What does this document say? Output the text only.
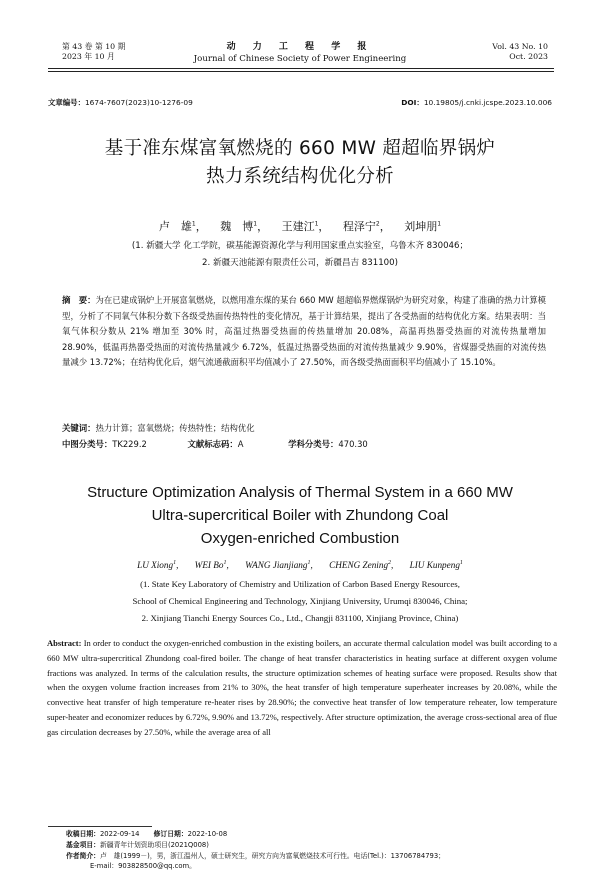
第 43 卷 第 10 期
2023 年 10 月
动 力 工 程 学 报
Journal of Chinese Society of Power Engineering
Vol. 43 No. 10
Oct. 2023
文章编号：1674-7607(2023)10-1276-09	DOI：10.19805/j.cnki.jcspe.2023.10.006
基于准东煤富氧燃烧的 660 MW 超超临界锅炉
热力系统结构优化分析
卢　雄$^1$， 魏　博$^1$， 王建江$^1$， 程泽宁$^2$， 刘坤朋$^1$
(1. 新疆大学 化工学院，碳基能源资源化学与利用国家重点实验室，乌鲁木齐 830046；
2. 新疆天池能源有限责任公司，新疆昌吉 831100)
摘　要：为在已建成锅炉上开展富氧燃烧，以燃用准东煤的某台 660 MW 超超临界燃煤锅炉为研究对象，构建了准确的热力计算模型，分析了不同氧气体积分数下各级受热面传热特性的变化情况，基于计算结果，提出了各受热面的结构优化方案。结果表明：当氧气体积分数从 21% 增加至 30% 时，高温过热器受热面的传热量增加 20.08%，高温再热器受热面的对流传热量增加 28.90%，低温再热器受热面的对流传热量减少 6.72%，低温过热器受热面的对流传热量减少 9.90%，省煤器受热面的对流传热量减少 13.72%；在结构优化后，烟气流通截面积平均值减小了 27.50%，而各级受热面面积平均值减小了 15.10%。
关键词：热力计算；富氧燃烧；传热特性；结构优化
中图分类号：TK229.2	文献标志码：A	学科分类号：470.30
Structure Optimization Analysis of Thermal System in a 660 MW
Ultra-supercritical Boiler with Zhundong Coal
Oxygen-enriched Combustion
LU Xiong$^1$, WEI Bo$^1$, WANG Jianjiang$^1$, CHENG Zening$^2$, LIU Kunpeng$^1$
(1. State Key Laboratory of Chemistry and Utilization of Carbon Based Energy Resources,
School of Chemical Engineering and Technology, Xinjiang University, Urumqi 830046, China;
2. Xinjiang Tianchi Energy Sources Co., Ltd., Changji 831100, Xinjiang Province, China)
Abstract: In order to conduct the oxygen-enriched combustion in the existing boilers, an accurate thermal calculation model was built according to a 660 MW ultra-supercritical Zhundong coal-fired boiler. The change of heat transfer characteristics in heating surface at different oxygen volume fractions was analyzed. In terms of the calculation results, the structure optimization schemes of heating surface were proposed. Results show that when the oxygen volume fraction increases from 21% to 30%, the heat transfer of high temperature superheater increases by 20.08%, while the convective heat transfer of high temperature re-heater rises by 28.90%; the convective heat transfer of low temperature reheater, low temperature super-heater and economizer reduces by 6.72%, 9.90% and 13.72%, respectively. After structure optimization, the average cross-sectional area of flue gas circulation decreases by 27.50%, while the average area of all
收稿日期：2022-09-14 修订日期：2022-10-08
基金项目：新疆青年计划资助项目(2021Q008)
作者简介：卢　雄(1999－)，男，浙江温州人，硕士研究生，研究方向为富氧燃烧技术可行性。电话(Tel.)：13706784793；
E-mail：903828500@qq.com。
